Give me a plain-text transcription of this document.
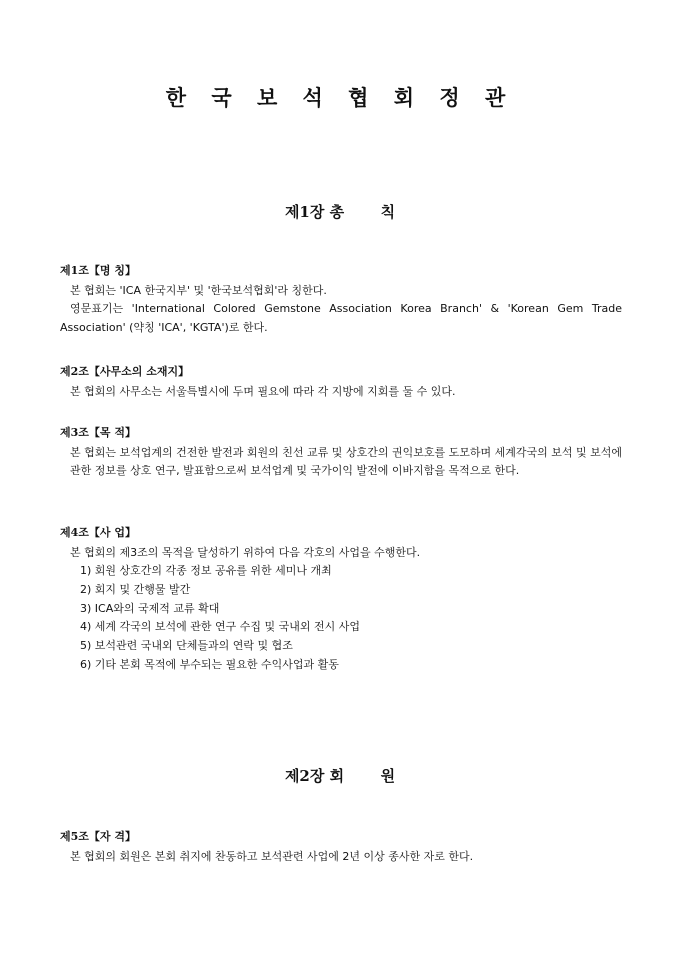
한 국 보 석 협 회 정 관
제1장 총 칙
제1조【명 칭】

본 협회는 'ICA 한국지부' 및 '한국보석협회'라 칭한다.

영문표기는 'International Colored Gemstone Association Korea Branch' & 'Korean Gem Trade Association' (약칭 'ICA', 'KGTA')로 한다.

제2조【사무소의 소재지】

본 협회의 사무소는 서울특별시에 두며 필요에 따라 각 지방에 지회를 둘 수 있다.

제3조【목 적】

본 협회는 보석업계의 건전한 발전과 회원의 친선 교류 및 상호간의 권익보호를 도모하며 세계각국의 보석 및 보석에 관한 정보를 상호 연구, 발표함으로써 보석업계 및 국가이익 발전에 이바지함을 목적으로 한다.

제4조【사 업】

본 협회의 제3조의 목적을 달성하기 위하여 다음 각호의 사업을 수행한다.

1) 회원 상호간의 각종 정보 공유를 위한 세미나 개최

2) 회지 및 간행물 발간

3) ICA와의 국제적 교류 확대

4) 세계 각국의 보석에 관한 연구 수집 및 국내외 전시 사업

5) 보석관련 국내외 단체들과의 연락 및 협조

6) 기타 본회 목적에 부수되는 필요한 수익사업과 활동

제2장 회 원
제5조【자 격】

본 협회의 회원은 본회 취지에 찬동하고 보석관련 사업에 2년 이상 종사한 자로 한다.
